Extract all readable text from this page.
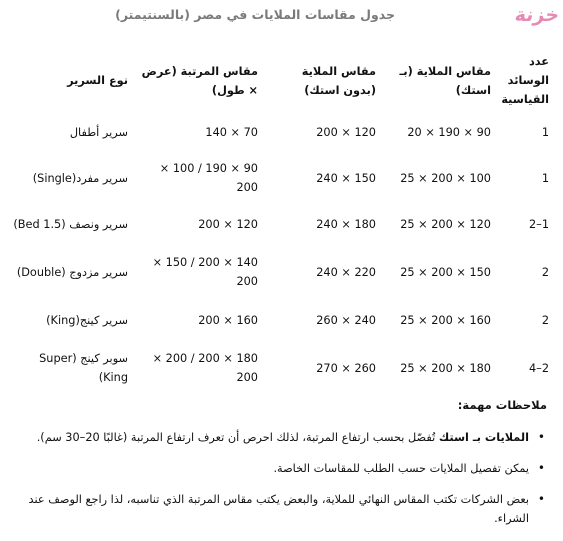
خزنة
جدول مقاسات الملايات في مصر (بالسنتيمتر)
عدد الوسائد القياسية	مقاس الملاية (بـ استك)	مقاس الملاية (بدون استك)	مقاس المرتبة (عرض × طول)	نوع السرير
1	90 × 190 × 20	120 × 200	70 × 140	سرير أطفال
1	100 × 200 × 25	150 × 240	90 × 190 / 100 × 200	سرير مفرد(Single)
1–2	120 × 200 × 25	180 × 240	120 × 200	سرير ونصف (1.5 Bed)
2	150 × 200 × 25	220 × 240	140 × 200 / 150 × 200	سرير مزدوج (Double)
2	160 × 200 × 25	240 × 260	160 × 200	سرير كينج(King)
2–4	180 × 200 × 25	260 × 270	180 × 200 / 200 × 200	سوبر كينج (Super King)
ملاحظات مهمة:
•
الملايات بـ استك تُفصّل بحسب ارتفاع المرتبة، لذلك احرص أن تعرف ارتفاع المرتبة (غالبًا 20–30 سم).
•
يمكن تفصيل الملايات حسب الطلب للمقاسات الخاصة.
•
بعض الشركات تكتب المقاس النهائي للملاية، والبعض يكتب مقاس المرتبة الذي تناسبه، لذا راجع الوصف عند الشراء.
